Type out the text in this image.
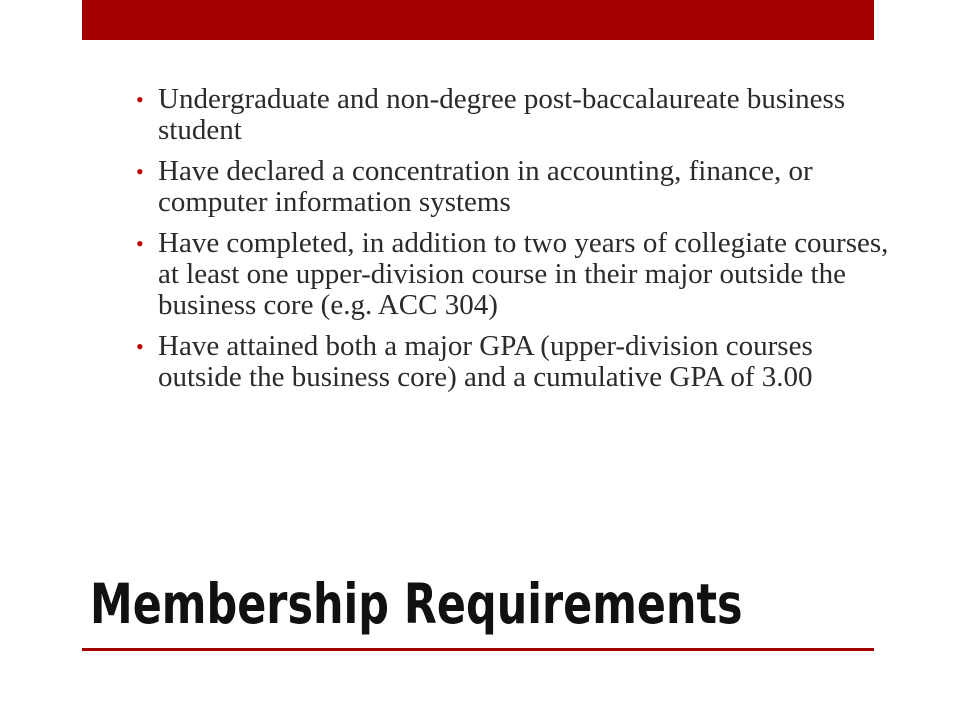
• Undergraduate and non-degree post-baccalaureate business student
• Have declared a concentration in accounting, finance, or computer information systems
• Have completed, in addition to two years of collegiate courses, at least one upper-division course in their major outside the business core (e.g. ACC 304)
• Have attained both a major GPA (upper-division courses outside the business core) and a cumulative GPA of 3.00
Membership Requirements
